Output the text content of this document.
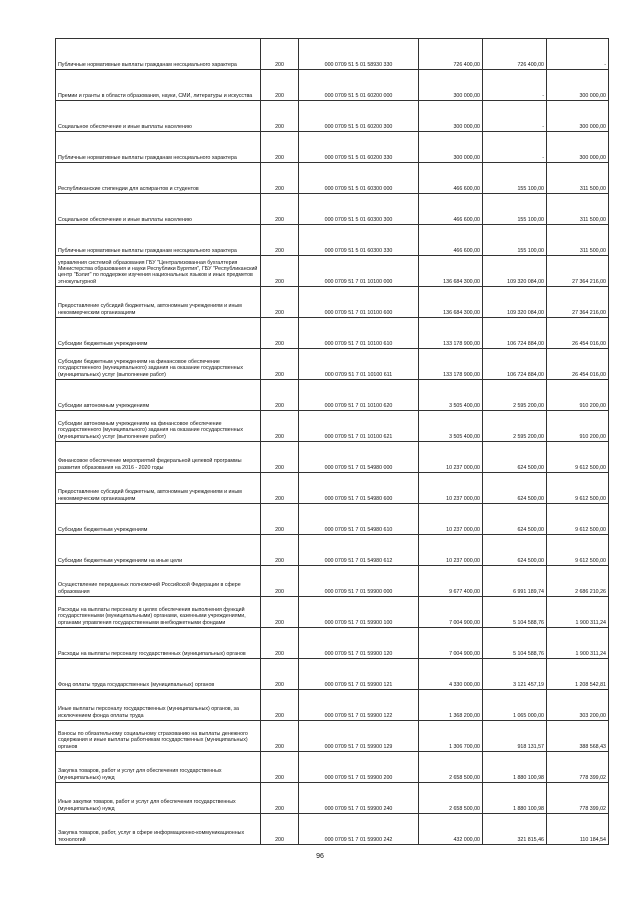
Публичные нормативные выплаты гражданам несоциального характера	200	000 0709 51 5 01 58930 330	726 400,00	726 400,00	-
Премии и гранты в области образования, науки, СМИ, литературы и искусства	200	000 0709 51 5 01 60200 000	300 000,00	-	300 000,00
Социальное обеспечение и иные выплаты населению	200	000 0709 51 5 01 60200 300	300 000,00	-	300 000,00
Публичные нормативные выплаты гражданам несоциального характера	200	000 0709 51 5 01 60200 330	300 000,00	-	300 000,00
Республиканские стипендии для аспирантов и студентов	200	000 0709 51 5 01 60300 000	466 600,00	155 100,00	311 500,00
Социальное обеспечение и иные выплаты населению	200	000 0709 51 5 01 60300 300	466 600,00	155 100,00	311 500,00
Публичные нормативные выплаты гражданам несоциального характера	200	000 0709 51 5 01 60300 330	466 600,00	155 100,00	311 500,00
управления системой образования ГБУ "Централизованная бухгалтерия Министерства образования и науки Республики Бурятия", ГБУ "Республиканский центр "Бэлиг" по поддержке изучения национальных языков и иных предметов этнокультурной	200	000 0709 51 7 01 10100 000	136 684 300,00	109 320 084,00	27 364 216,00
Предоставление субсидий бюджетным, автономным учреждениям и иным некоммерческим организациям	200	000 0709 51 7 01 10100 600	136 684 300,00	109 320 084,00	27 364 216,00
Субсидии бюджетным учреждениям	200	000 0709 51 7 01 10100 610	133 178 900,00	106 724 884,00	26 454 016,00
Субсидии бюджетным учреждениям на финансовое обеспечение государственного (муниципального) задания на оказание государственных (муниципальных) услуг (выполнение работ)	200	000 0709 51 7 01 10100 611	133 178 900,00	106 724 884,00	26 454 016,00
Субсидии автономным учреждениям	200	000 0709 51 7 01 10100 620	3 505 400,00	2 595 200,00	910 200,00
Субсидии автономным учреждениям на финансовое обеспечение государственного (муниципального) задания на оказание государственных (муниципальных) услуг (выполнение работ)	200	000 0709 51 7 01 10100 621	3 505 400,00	2 595 200,00	910 200,00
Финансовое обеспечение мероприятий федеральной целевой программы развития образования на 2016 - 2020 годы	200	000 0709 51 7 01 54980 000	10 237 000,00	624 500,00	9 612 500,00
Предоставление субсидий бюджетным, автономным учреждениям и иным некоммерческим организациям	200	000 0709 51 7 01 54980 600	10 237 000,00	624 500,00	9 612 500,00
Субсидии бюджетным учреждениям	200	000 0709 51 7 01 54980 610	10 237 000,00	624 500,00	9 612 500,00
Субсидии бюджетным учреждениям на иные цели	200	000 0709 51 7 01 54980 612	10 237 000,00	624 500,00	9 612 500,00
Осуществление переданных полномочий Российской Федерации в сфере образования	200	000 0709 51 7 01 59900 000	9 677 400,00	6 991 189,74	2 686 210,26
Расходы на выплаты персоналу в целях обеспечения выполнения функций государственными (муниципальными) органами, казенными учреждениями, органами управления государственными внебюджетными фондами	200	000 0709 51 7 01 59900 100	7 004 900,00	5 104 588,76	1 900 311,24
Расходы на выплаты персоналу государственных (муниципальных) органов	200	000 0709 51 7 01 59900 120	7 004 900,00	5 104 588,76	1 900 311,24
Фонд оплаты труда государственных (муниципальных) органов	200	000 0709 51 7 01 59900 121	4 330 000,00	3 121 457,19	1 208 542,81
Иные выплаты персоналу государственных (муниципальных) органов, за исключением фонда оплаты труда	200	000 0709 51 7 01 59900 122	1 368 200,00	1 065 000,00	303 200,00
Взносы по обязательному социальному страхованию на выплаты денежного содержания и иные выплаты работникам государственных (муниципальных) органов	200	000 0709 51 7 01 59900 129	1 306 700,00	918 131,57	388 568,43
Закупка товаров, работ и услуг для обеспечения государственных (муниципальных) нужд	200	000 0709 51 7 01 59900 200	2 658 500,00	1 880 100,98	778 399,02
Иные закупки товаров, работ и услуг для обеспечения государственных (муниципальных) нужд	200	000 0709 51 7 01 59900 240	2 658 500,00	1 880 100,98	778 399,02
Закупка товаров, работ, услуг в сфере информационно-коммуникационных технологий	200	000 0709 51 7 01 59900 242	432 000,00	321 815,46	110 184,54
96
